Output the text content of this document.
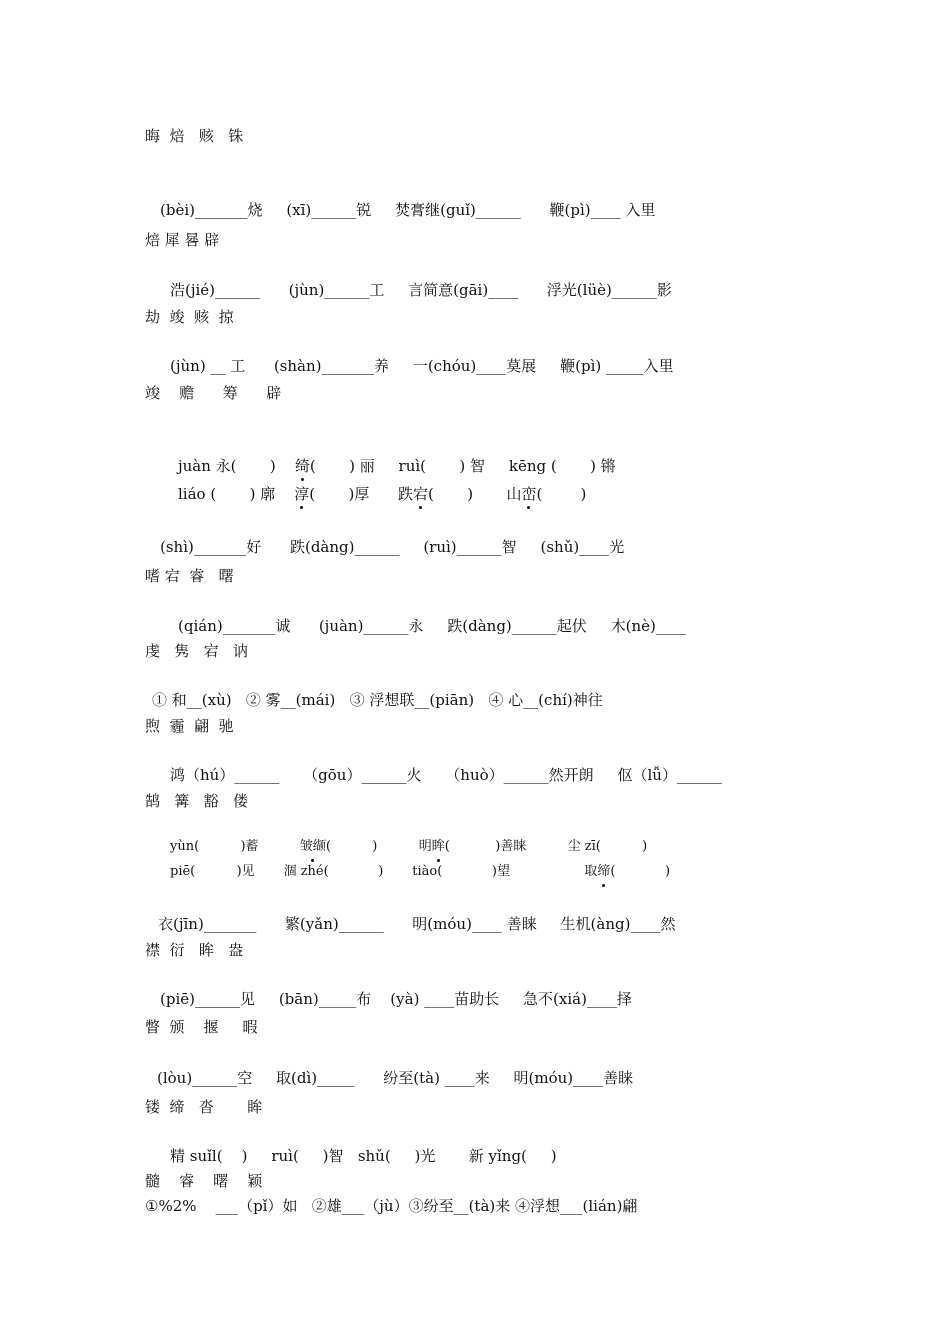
晦  焙   赅   铢

(bèi)_______烧     (xī)______锐     焚膏继(guǐ)______      鞭(pì)____ 入里

焙 犀 晷 辟

浩(jié)______      (jùn)______工     言简意(gāi)____      浮光(lüè)______影

劫  竣  赅  掠

(jùn) __ 工      (shàn)_______养     一(chóu)____莫展     鞭(pì) _____入里

竣    赡      筹      辟

juàn 永(       )    绮(       ) 丽     ruì(       ) 智     kēng (       ) 锵

liáo (       ) 廓    淳(       )厚      跌宕(       )       山峦(        )

(shì)_______好      跌(dàng)______     (ruì)______智     (shǔ)____光

嗜 宕  睿   曙

(qián)_______诚      (juàn)______永     跌(dàng)______起伏     木(nè)____

虔   隽   宕   讷

① 和__(xù)   ② 雾__(mái)   ③ 浮想联__(piān)   ④ 心__(chí)神往

煦  霾  翩  驰

鸿（hú）______     （gōu）______火     （huò）______然开朗     伛（lǚ）______

鹄   篝   豁   偻

yùn(          )蓄          皱缬(          )          明眸(           )善睐          尘 zī(          )

piē(          )见       涸 zhé(            )       tiào(            )望                  取缔(            )

衣(jīn)_______      繁(yǎn)______      明(móu)____ 善睐     生机(àng)____然

襟  衍   眸   盎

(piē)______见     (bān)_____布    (yà) ____苗助长     急不(xiá)____择

瞥  颁    揠     暇

(lòu)______空     取(dì)_____      纷至(tà) ____来     明(móu)____善睐

镂  缔   沓       眸

精 suǐl(    )     ruì(     )智   shǔ(     )光       新 yǐng(     )

髓    睿    曙    颖

①%2%    ___（pǐ）如   ②雄___（jù）③纷至__(tà)来 ④浮想___(lián)翩
